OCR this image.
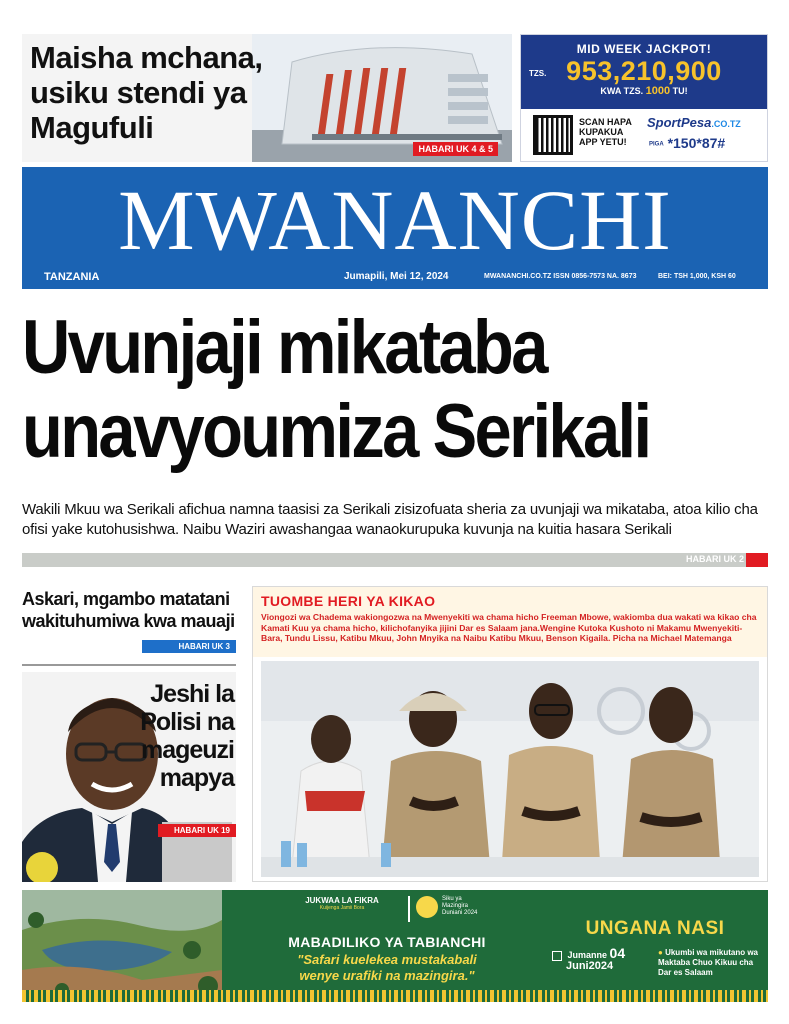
Maisha mchana,
usiku stendi ya
Magufuli
HABARI UK 4 & 5
MID WEEK JACKPOT!
TZS. 953,210,900
KWA TZS. 1000 TU!
SCAN HAPA
KUPAKUA
APP YETU!
SportPesa.CO.TZ
PIGA *150*87#
MWANANCHI
TANZANIA	Jumapili, Mei 12, 2024	MWANANCHI.CO.TZ ISSN 0856-7573 NA. 8673	BEI: TSH 1,000, KSH 60
Uvunjaji mikataba
unavyoumiza Serikali
Wakili Mkuu wa Serikali afichua namna taasisi za Serikali zisizofuata sheria za uvunjaji wa mikataba, atoa kilio cha ofisi yake kutohusishwa. Naibu Waziri awashangaa wanaokurupuka kuvunja na kuitia hasara Serikali
HABARI UK 2
Askari, mgambo matatani
wakituhumiwa kwa mauaji
HABARI UK 3
Jeshi la
Polisi na
mageuzi
mapya
HABARI UK 19
TUOMBE HERI YA KIKAO
Viongozi wa Chadema wakiongozwa na Mwenyekiti wa chama hicho Freeman Mbowe, wakiomba dua wakati wa kikao cha Kamati Kuu ya chama hicho, kilichofanyika jijini Dar es Salaam jana.Wengine Kutoka Kushoto ni Makamu Mwenyekiti- Bara, Tundu Lissu, Katibu Mkuu, John Mnyika na Naibu Katibu Mkuu, Benson Kigaila. Picha na Michael Matemanga
JUKWAA LA FIKRA
Kuijenga Jamii Bora
Siku ya
Mazingira
Duniani 2024
MABADILIKO YA TABIANCHI
"Safari kuelekea mustakabali
wenye urafiki na mazingira."
UNGANA NASI
Jumanne 04
Juni2024
● Ukumbi wa mikutano wa Maktaba Chuo Kikuu cha Dar es Salaam
